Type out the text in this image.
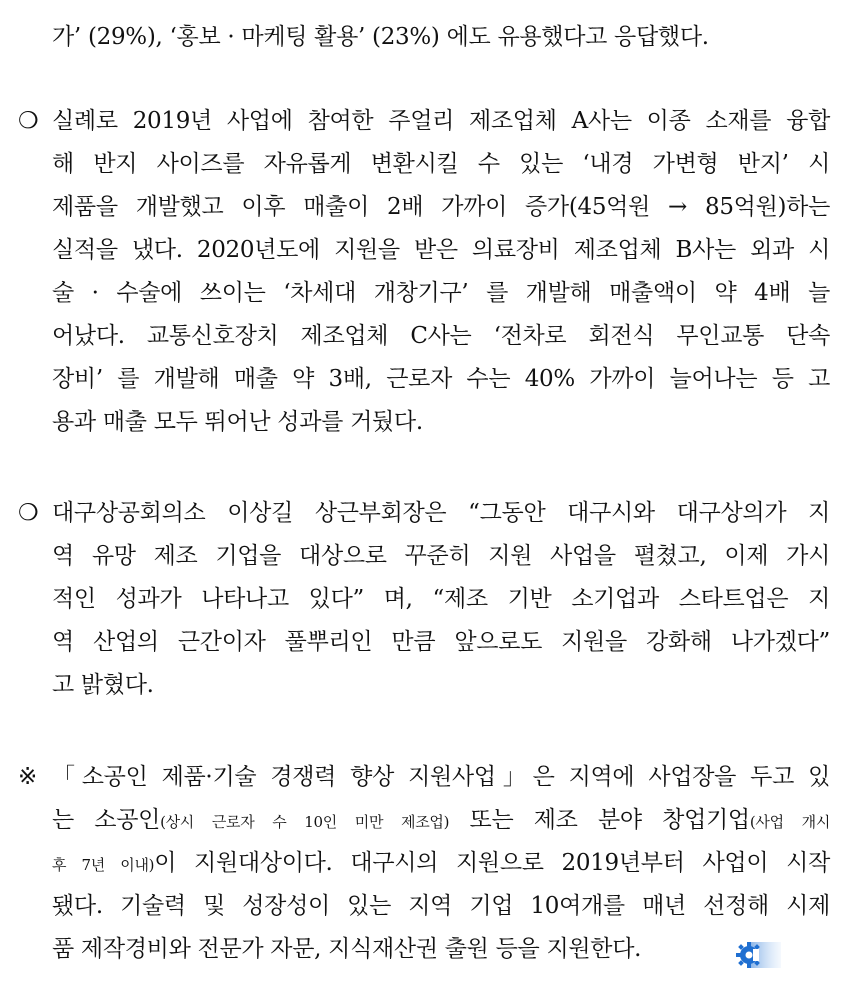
가’ (29%), ‘홍보 · 마케팅 활용’ (23%) 에도 유용했다고 응답했다.
❍ 실례로 2019년 사업에 참여한 주얼리 제조업체 A사는 이종 소재를 융합
해 반지 사이즈를 자유롭게 변환시킬 수 있는 ‘내경 가변형 반지’ 시
제품을 개발했고 이후 매출이 2배 가까이 증가(45억원 → 85억원)하는
실적을 냈다. 2020년도에 지원을 받은 의료장비 제조업체 B사는 외과 시
술 · 수술에 쓰이는 ‘차세대 개창기구’ 를 개발해 매출액이 약 4배 늘
어났다. 교통신호장치 제조업체 C사는 ‘전차로 회전식 무인교통 단속
장비’ 를 개발해 매출 약 3배, 근로자 수는 40% 가까이 늘어나는 등 고
용과 매출 모두 뛰어난 성과를 거뒀다.
❍ 대구상공회의소 이상길 상근부회장은 “그동안 대구시와 대구상의가 지
역 유망 제조 기업을 대상으로 꾸준히 지원 사업을 펼쳤고, 이제 가시
적인 성과가 나타나고 있다” 며, “제조 기반 소기업과 스타트업은 지
역 산업의 근간이자 풀뿌리인 만큼 앞으로도 지원을 강화해 나가겠다”
고 밝혔다.
※ 「소공인 제품·기술 경쟁력 향상 지원사업」은 지역에 사업장을 두고 있
는 소공인(상시 근로자 수 10인 미만 제조업) 또는 제조 분야 창업기업(사업 개시
후 7년 이내)이 지원대상이다. 대구시의 지원으로 2019년부터 사업이 시작
됐다. 기술력 및 성장성이 있는 지역 기업 10여개를 매년 선정해 시제
품 제작경비와 전문가 자문, 지식재산권 출원 등을 지원한다.
